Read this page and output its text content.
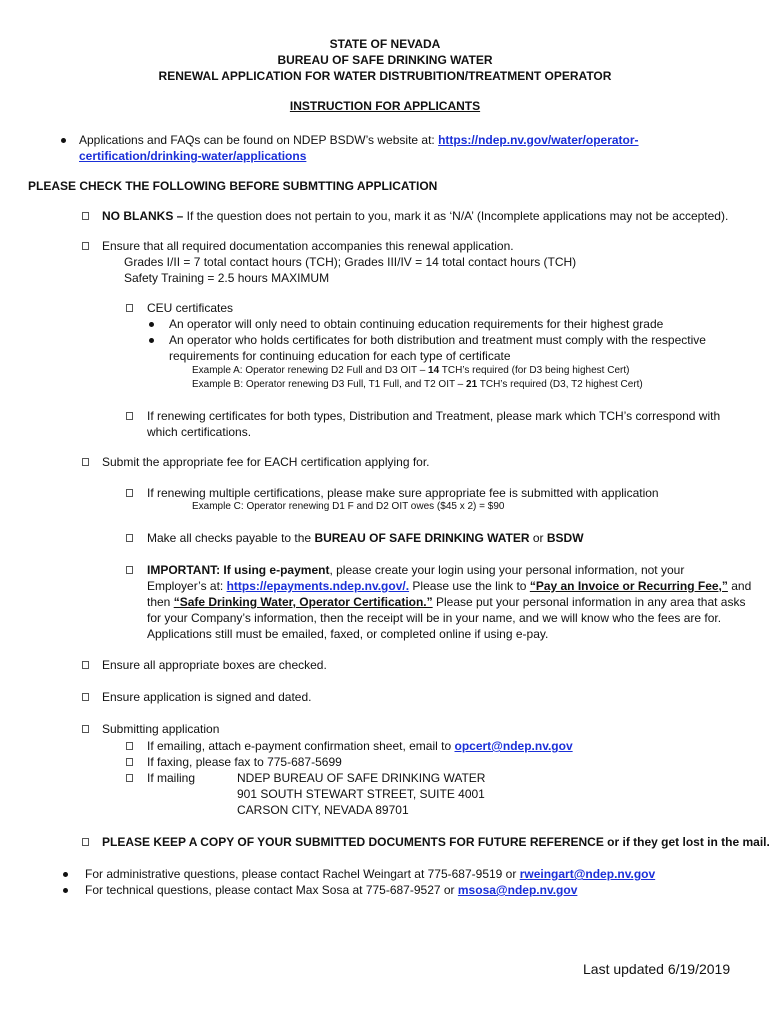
STATE OF NEVADA
BUREAU OF SAFE DRINKING WATER
RENEWAL APPLICATION FOR WATER DISTRUBITION/TREATMENT OPERATOR
INSTRUCTION FOR APPLICANTS
Applications and FAQs can be found on NDEP BSDW’s website at: https://ndep.nv.gov/water/operator-
certification/drinking-water/applications
PLEASE CHECK THE FOLLOWING BEFORE SUBMTTING APPLICATION
NO BLANKS – If the question does not pertain to you, mark it as ‘N/A’ (Incomplete applications may not be accepted).
Ensure that all required documentation accompanies this renewal application.
Grades I/II = 7 total contact hours (TCH); Grades III/IV = 14 total contact hours (TCH)
Safety Training = 2.5 hours MAXIMUM
CEU certificates
An operator will only need to obtain continuing education requirements for their highest grade
An operator who holds certificates for both distribution and treatment must comply with the respective
requirements for continuing education for each type of certificate
Example A: Operator renewing D2 Full and D3 OIT – 14 TCH’s required (for D3 being highest Cert)
Example B: Operator renewing D3 Full, T1 Full, and T2 OIT – 21 TCH’s required (D3, T2 highest Cert)
If renewing certificates for both types, Distribution and Treatment, please mark which TCH’s correspond with
which certifications.
Submit the appropriate fee for EACH certification applying for.
If renewing multiple certifications, please make sure appropriate fee is submitted with application
Example C: Operator renewing D1 F and D2 OIT owes ($45 x 2) = $90
Make all checks payable to the BUREAU OF SAFE DRINKING WATER or BSDW
IMPORTANT: If using e-payment, please create your login using your personal information, not your
Employer’s at: https://epayments.ndep.nv.gov/. Please use the link to “Pay an Invoice or Recurring Fee,” and
then “Safe Drinking Water, Operator Certification.” Please put your personal information in any area that asks
for your Company’s information, then the receipt will be in your name, and we will know who the fees are for.
Applications still must be emailed, faxed, or completed online if using e-pay.
Ensure all appropriate boxes are checked.
Ensure application is signed and dated.
Submitting application
If emailing, attach e-payment confirmation sheet, email to opcert@ndep.nv.gov
If faxing, please fax to 775-687-5699
If mailing	NDEP BUREAU OF SAFE DRINKING WATER
901 SOUTH STEWART STREET, SUITE 4001
CARSON CITY, NEVADA 89701
PLEASE KEEP A COPY OF YOUR SUBMITTED DOCUMENTS FOR FUTURE REFERENCE or if they get lost in the mail.
For administrative questions, please contact Rachel Weingart at 775-687-9519 or rweingart@ndep.nv.gov
For technical questions, please contact Max Sosa at 775-687-9527 or msosa@ndep.nv.gov
Last updated 6/19/2019
